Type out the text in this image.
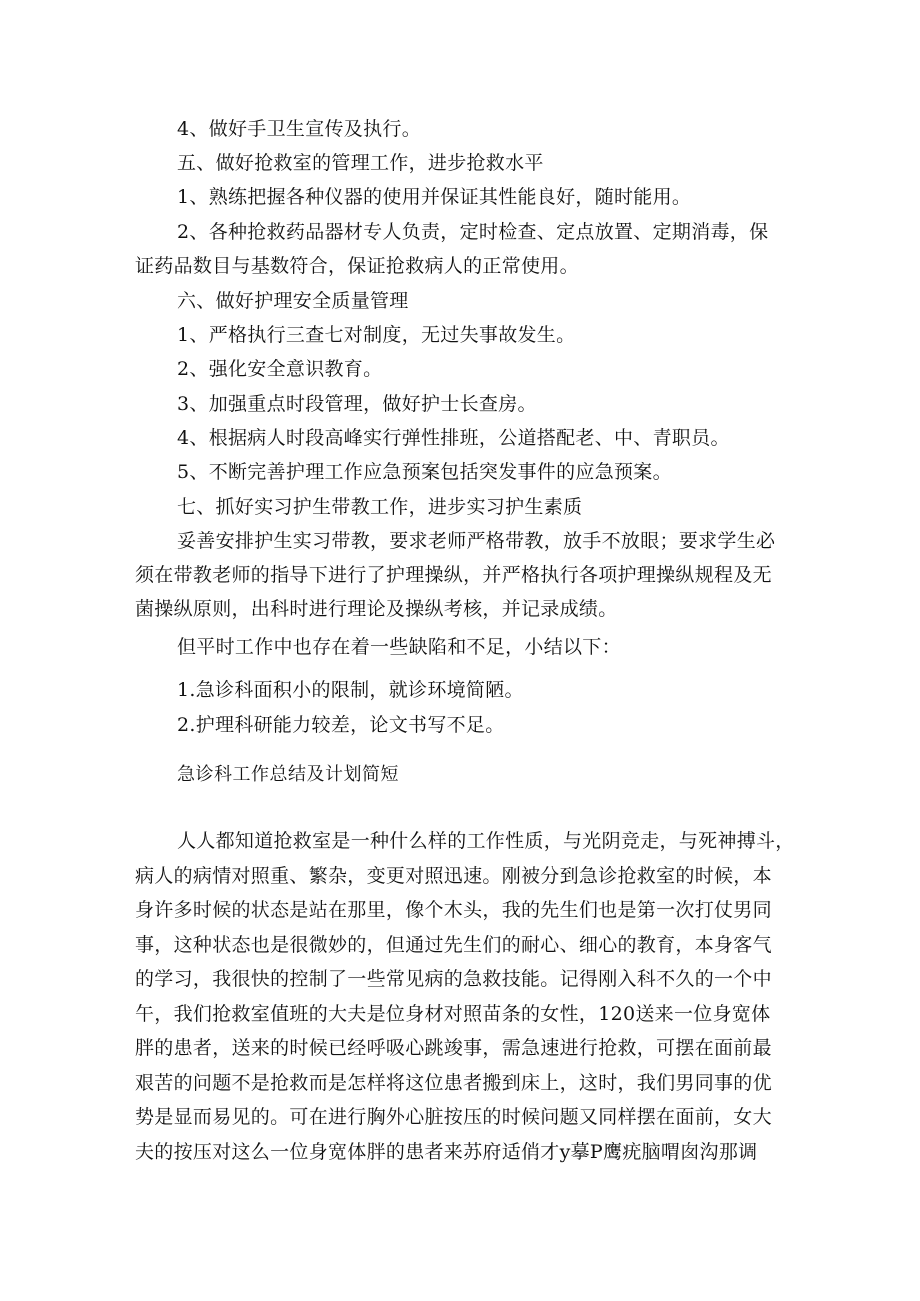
4、做好手卫生宣传及执行。
五、做好抢救室的管理工作，进步抢救水平
1、熟练把握各种仪器的使用并保证其性能良好，随时能用。
2、各种抢救药品器材专人负责，定时检查、定点放置、定期消毒，保
证药品数目与基数符合，保证抢救病人的正常使用。
六、做好护理安全质量管理
1、严格执行三查七对制度，无过失事故发生。
2、强化安全意识教育。
3、加强重点时段管理，做好护士长查房。
4、根据病人时段高峰实行弹性排班，公道搭配老、中、青职员。
5、不断完善护理工作应急预案包括突发事件的应急预案。
七、抓好实习护生带教工作，进步实习护生素质
妥善安排护生实习带教，要求老师严格带教，放手不放眼；要求学生必
须在带教老师的指导下进行了护理操纵，并严格执行各项护理操纵规程及无
菌操纵原则，出科时进行理论及操纵考核，并记录成绩。
但平时工作中也存在着一些缺陷和不足，小结以下：
1.急诊科面积小的限制，就诊环境简陋。
2.护理科研能力较差，论文书写不足。
急诊科工作总结及计划简短
人人都知道抢救室是一种什么样的工作性质，与光阴竞走，与死神搏斗，
病人的病情对照重、繁杂，变更对照迅速。刚被分到急诊抢救室的时候，本
身许多时候的状态是站在那里，像个木头，我的先生们也是第一次打仗男同
事，这种状态也是很微妙的，但通过先生们的耐心、细心的教育，本身客气
的学习，我很快的控制了一些常见病的急救技能。记得刚入科不久的一个中
午，我们抢救室值班的大夫是位身材对照苗条的女性，120送来一位身宽体
胖的患者，送来的时候已经呼吸心跳竣事，需急速进行抢救，可摆在面前最
艰苦的问题不是抢救而是怎样将这位患者搬到床上，这时，我们男同事的优
势是显而易见的。可在进行胸外心脏按压的时候问题又同样摆在面前，女大
夫的按压对这么一位身宽体胖的患者来苏府适俏才y摹P鹰疣脑喟囱沟那调
